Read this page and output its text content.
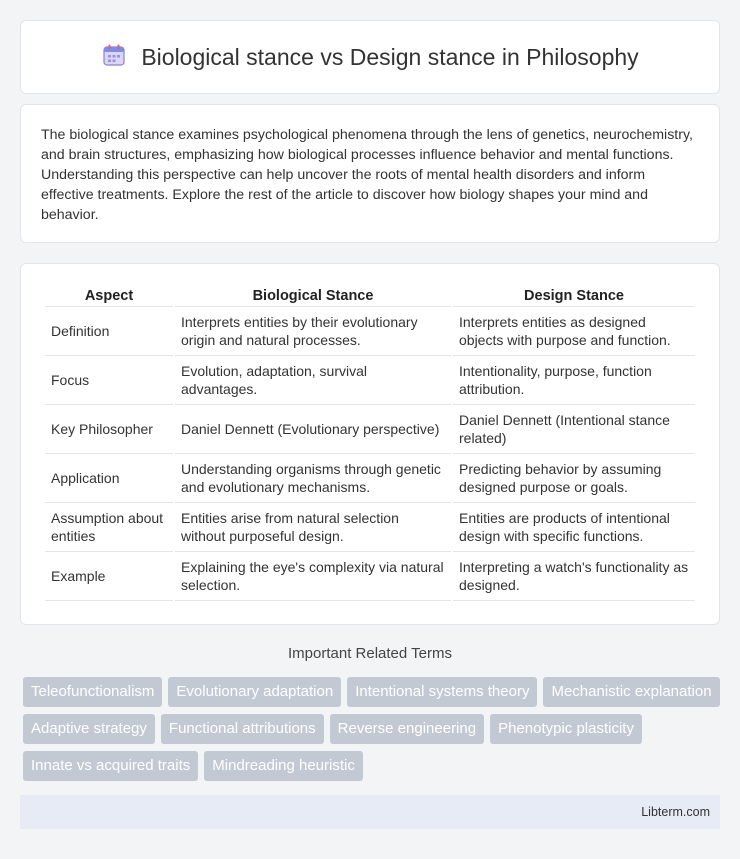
Biological stance vs Design stance in Philosophy

The biological stance examines psychological phenomena through the lens of genetics, neurochemistry, and brain structures, emphasizing how biological processes influence behavior and mental functions. Understanding this perspective can help uncover the roots of mental health disorders and inform effective treatments. Explore the rest of the article to discover how biology shapes your mind and behavior.

Aspect	Biological Stance	Design Stance
Definition	Interprets entities by their evolutionary origin and natural processes.	Interprets entities as designed objects with purpose and function.
Focus	Evolution, adaptation, survival advantages.	Intentionality, purpose, function attribution.
Key Philosopher	Daniel Dennett (Evolutionary perspective)	Daniel Dennett (Intentional stance related)
Application	Understanding organisms through genetic and evolutionary mechanisms.	Predicting behavior by assuming designed purpose or goals.
Assumption about entities	Entities arise from natural selection without purposeful design.	Entities are products of intentional design with specific functions.
Example	Explaining the eye's complexity via natural selection.	Interpreting a watch's functionality as designed.
Important Related Terms
Teleofunctionalism	Evolutionary adaptation	Intentional systems theory	Mechanistic explanation
Adaptive strategy	Functional attributions	Reverse engineering	Phenotypic plasticity
Innate vs acquired traits	Mindreading heuristic
Libterm.com
